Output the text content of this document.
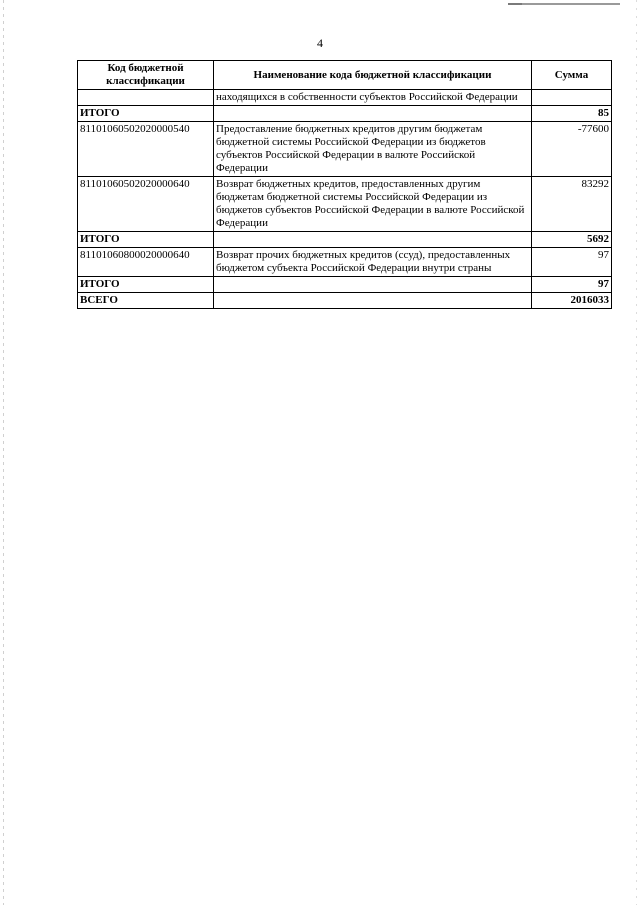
4
Код бюджетной классификации	Наименование кода бюджетной классификации	Сумма
	находящихся в собственности субъектов Российской Федерации	
ИТОГО		85
81101060502020000540	Предоставление бюджетных кредитов другим бюджетам бюджетной системы Российской Федерации из бюджетов субъектов Российской Федерации в валюте Российской Федерации	-77600
81101060502020000640	Возврат бюджетных кредитов, предоставленных другим бюджетам бюджетной системы Российской Федерации из бюджетов субъектов Российской Федерации в валюте Российской Федерации	83292
ИТОГО		5692
81101060800020000640	Возврат прочих бюджетных кредитов (ссуд), предоставленных бюджетом субъекта Российской Федерации внутри страны	97
ИТОГО		97
ВСЕГО		2016033
